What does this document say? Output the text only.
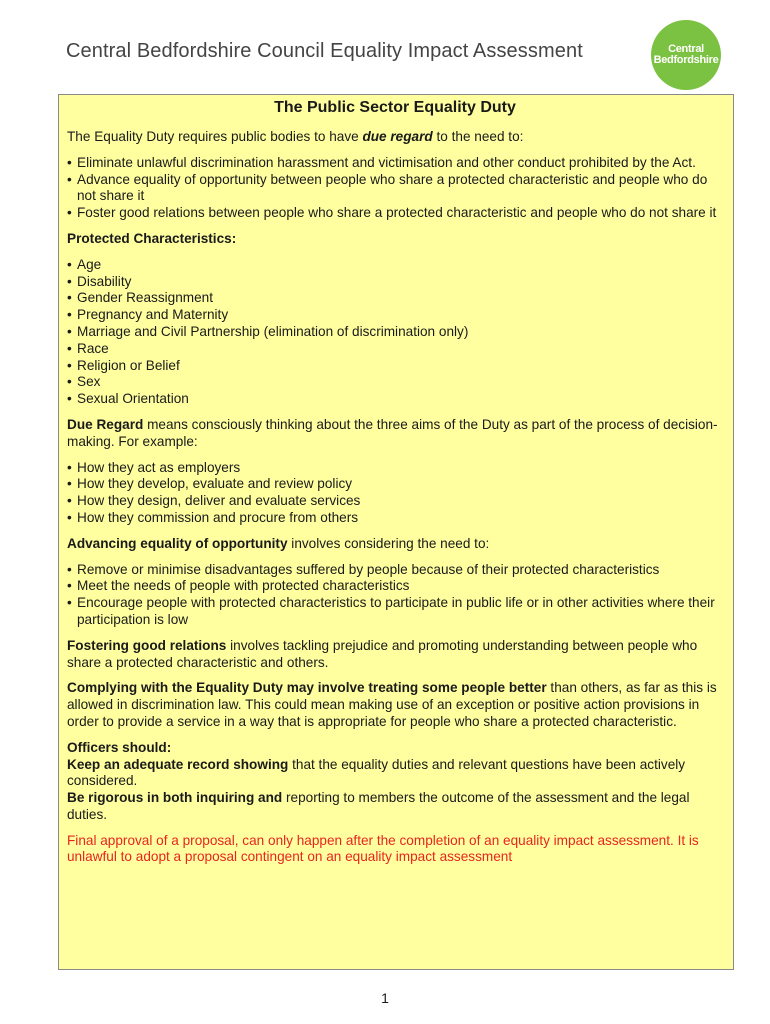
Central Bedfordshire Council Equality Impact Assessment	Central
Bedfordshire
The Public Sector Equality Duty

The Equality Duty requires public bodies to have due regard to the need to:

• Eliminate unlawful discrimination harassment and victimisation and other conduct prohibited by the Act.
• Advance equality of opportunity between people who share a protected characteristic and people who do not share it
• Foster good relations between people who share a protected characteristic and people who do not share it

Protected Characteristics:

• Age
• Disability
• Gender Reassignment
• Pregnancy and Maternity
• Marriage and Civil Partnership (elimination of discrimination only)
• Race
• Religion or Belief
• Sex
• Sexual Orientation

Due Regard means consciously thinking about the three aims of the Duty as part of the process of decision-making. For example:

• How they act as employers
• How they develop, evaluate and review policy
• How they design, deliver and evaluate services
• How they commission and procure from others

Advancing equality of opportunity involves considering the need to:

• Remove or minimise disadvantages suffered by people because of their protected characteristics
• Meet the needs of people with protected characteristics
• Encourage people with protected characteristics to participate in public life or in other activities where their participation is low

Fostering good relations involves tackling prejudice and promoting understanding between people who share a protected characteristic and others.

Complying with the Equality Duty may involve treating some people better than others, as far as this is allowed in discrimination law. This could mean making use of an exception or positive action provisions in order to provide a service in a way that is appropriate for people who share a protected characteristic.

Officers should:
Keep an adequate record showing that the equality duties and relevant questions have been actively considered.
Be rigorous in both inquiring and reporting to members the outcome of the assessment and the legal duties.

Final approval of a proposal, can only happen after the completion of an equality impact assessment. It is unlawful to adopt a proposal contingent on an equality impact assessment

1
